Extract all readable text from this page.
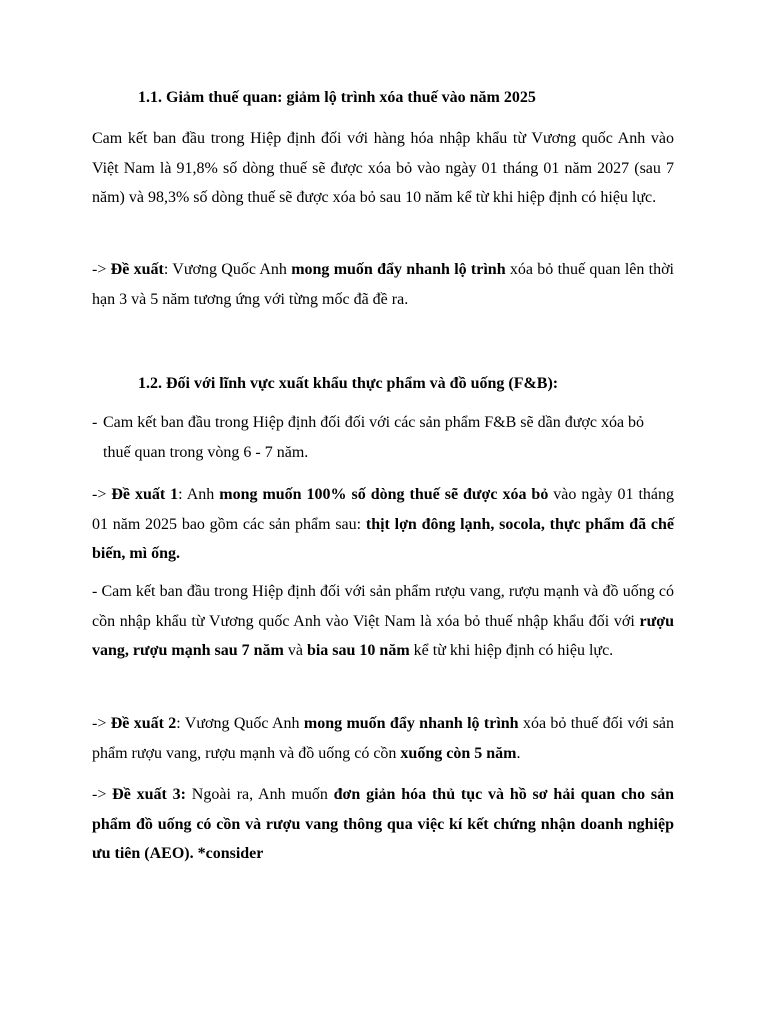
1.1. Giảm thuế quan: giảm lộ trình xóa thuế vào năm 2025

Cam kết ban đầu trong Hiệp định đối với hàng hóa nhập khẩu từ Vương quốc Anh vào Việt Nam là 91,8% số dòng thuế sẽ được xóa bỏ vào ngày 01 tháng 01 năm 2027 (sau 7 năm) và 98,3% số dòng thuế sẽ được xóa bỏ sau 10 năm kể từ khi hiệp định có hiệu lực.

-> Đề xuất: Vương Quốc Anh mong muốn đẩy nhanh lộ trình xóa bỏ thuế quan lên thời hạn 3 và 5 năm tương ứng với từng mốc đã đề ra.

1.2. Đối với lĩnh vực xuất khẩu thực phẩm và đồ uống (F&B):

- Cam kết ban đầu trong Hiệp định đối đối với các sản phẩm F&B sẽ dần được xóa bỏ thuế quan trong vòng 6 - 7 năm.

-> Đề xuất 1: Anh mong muốn 100% số dòng thuế sẽ được xóa bỏ vào ngày 01 tháng 01 năm 2025 bao gồm các sản phẩm sau: thịt lợn đông lạnh, socola, thực phẩm đã chế biến, mì ống.

- Cam kết ban đầu trong Hiệp định đối với sản phẩm rượu vang, rượu mạnh và đồ uống có cồn nhập khẩu từ Vương quốc Anh vào Việt Nam là xóa bỏ thuế nhập khẩu đối với rượu vang, rượu mạnh sau 7 năm và bia sau 10 năm kể từ khi hiệp định có hiệu lực.

-> Đề xuất 2: Vương Quốc Anh mong muốn đẩy nhanh lộ trình xóa bỏ thuế đối với sản phẩm rượu vang, rượu mạnh và đồ uống có cồn xuống còn 5 năm.

-> Đề xuất 3: Ngoài ra, Anh muốn đơn giản hóa thủ tục và hồ sơ hải quan cho sản phẩm đồ uống có cồn và rượu vang thông qua việc kí kết chứng nhận doanh nghiệp ưu tiên (AEO). *consider
